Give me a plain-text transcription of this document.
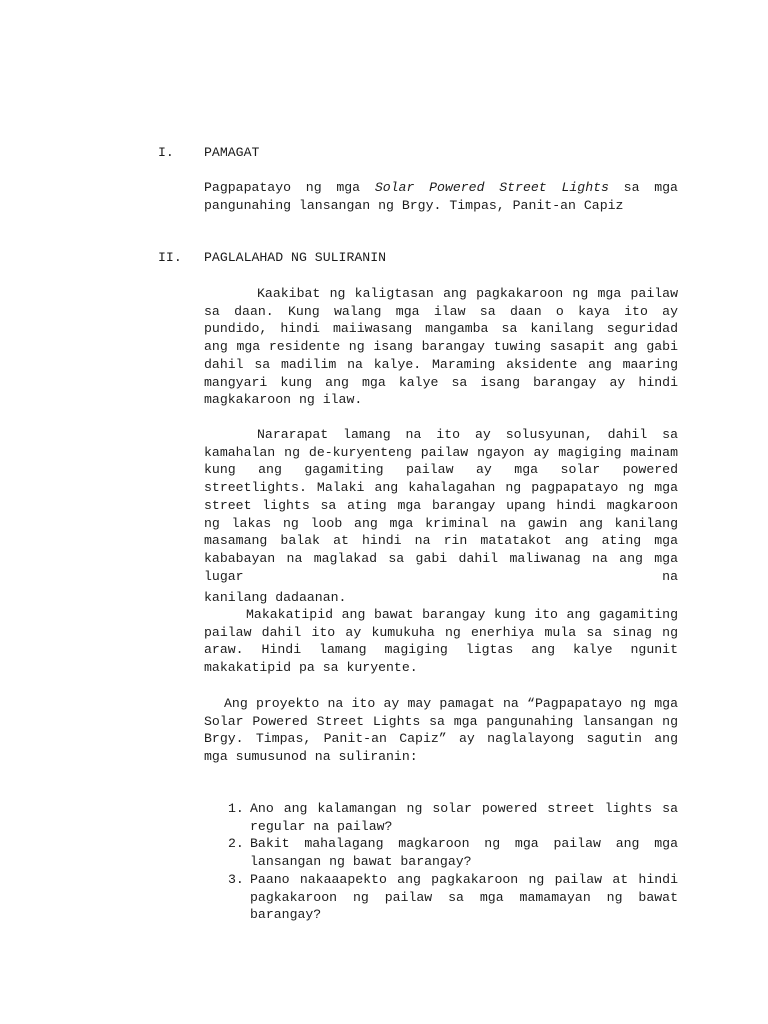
I. PAMAGAT
Pagpapatayo ng mga Solar Powered Street Lights sa mga pangunahing lansangan ng Brgy. Timpas, Panit-an Capiz
II. PAGLALAHAD NG SULIRANIN
Kaakibat ng kaligtasan ang pagkakaroon ng mga pailaw sa daan. Kung walang mga ilaw sa daan o kaya ito ay pundido, hindi maiiwasang mangamba sa kanilang seguridad ang mga residente ng isang barangay tuwing sasapit ang gabi dahil sa madilim na kalye. Maraming aksidente ang maaring mangyari kung ang mga kalye sa isang barangay ay hindi magkakaroon ng ilaw.
Nararapat lamang na ito ay solusyunan, dahil sa kamahalan ng de-kuryenteng pailaw ngayon ay magiging mainam kung ang gagamiting pailaw ay mga solar powered streetlights. Malaki ang kahalagahan ng pagpapatayo ng mga street lights sa ating mga barangay upang hindi magkaroon ng lakas ng loob ang mga kriminal na gawin ang kanilang masamang balak at hindi na rin matatakot ang ating mga kababayan na maglakad sa gabi dahil maliwanag na ang mga lugar na
kanilang dadaanan.
Makakatipid ang bawat barangay kung ito ang gagamiting pailaw dahil ito ay kumukuha ng enerhiya mula sa sinag ng araw. Hindi lamang magiging ligtas ang kalye ngunit makakatipid pa sa kuryente.
Ang proyekto na ito ay may pamagat na “Pagpapatayo ng mga Solar Powered Street Lights sa mga pangunahing lansangan ng Brgy. Timpas, Panit-an Capiz” ay naglalayong sagutin ang mga sumusunod na suliranin:
1. Ano ang kalamangan ng solar powered street lights sa regular na pailaw?
2. Bakit mahalagang magkaroon ng mga pailaw ang mga lansangan ng bawat barangay?
3. Paano nakaaapekto ang pagkakaroon ng pailaw at hindi pagkakaroon ng pailaw sa mga mamamayan ng bawat barangay?
